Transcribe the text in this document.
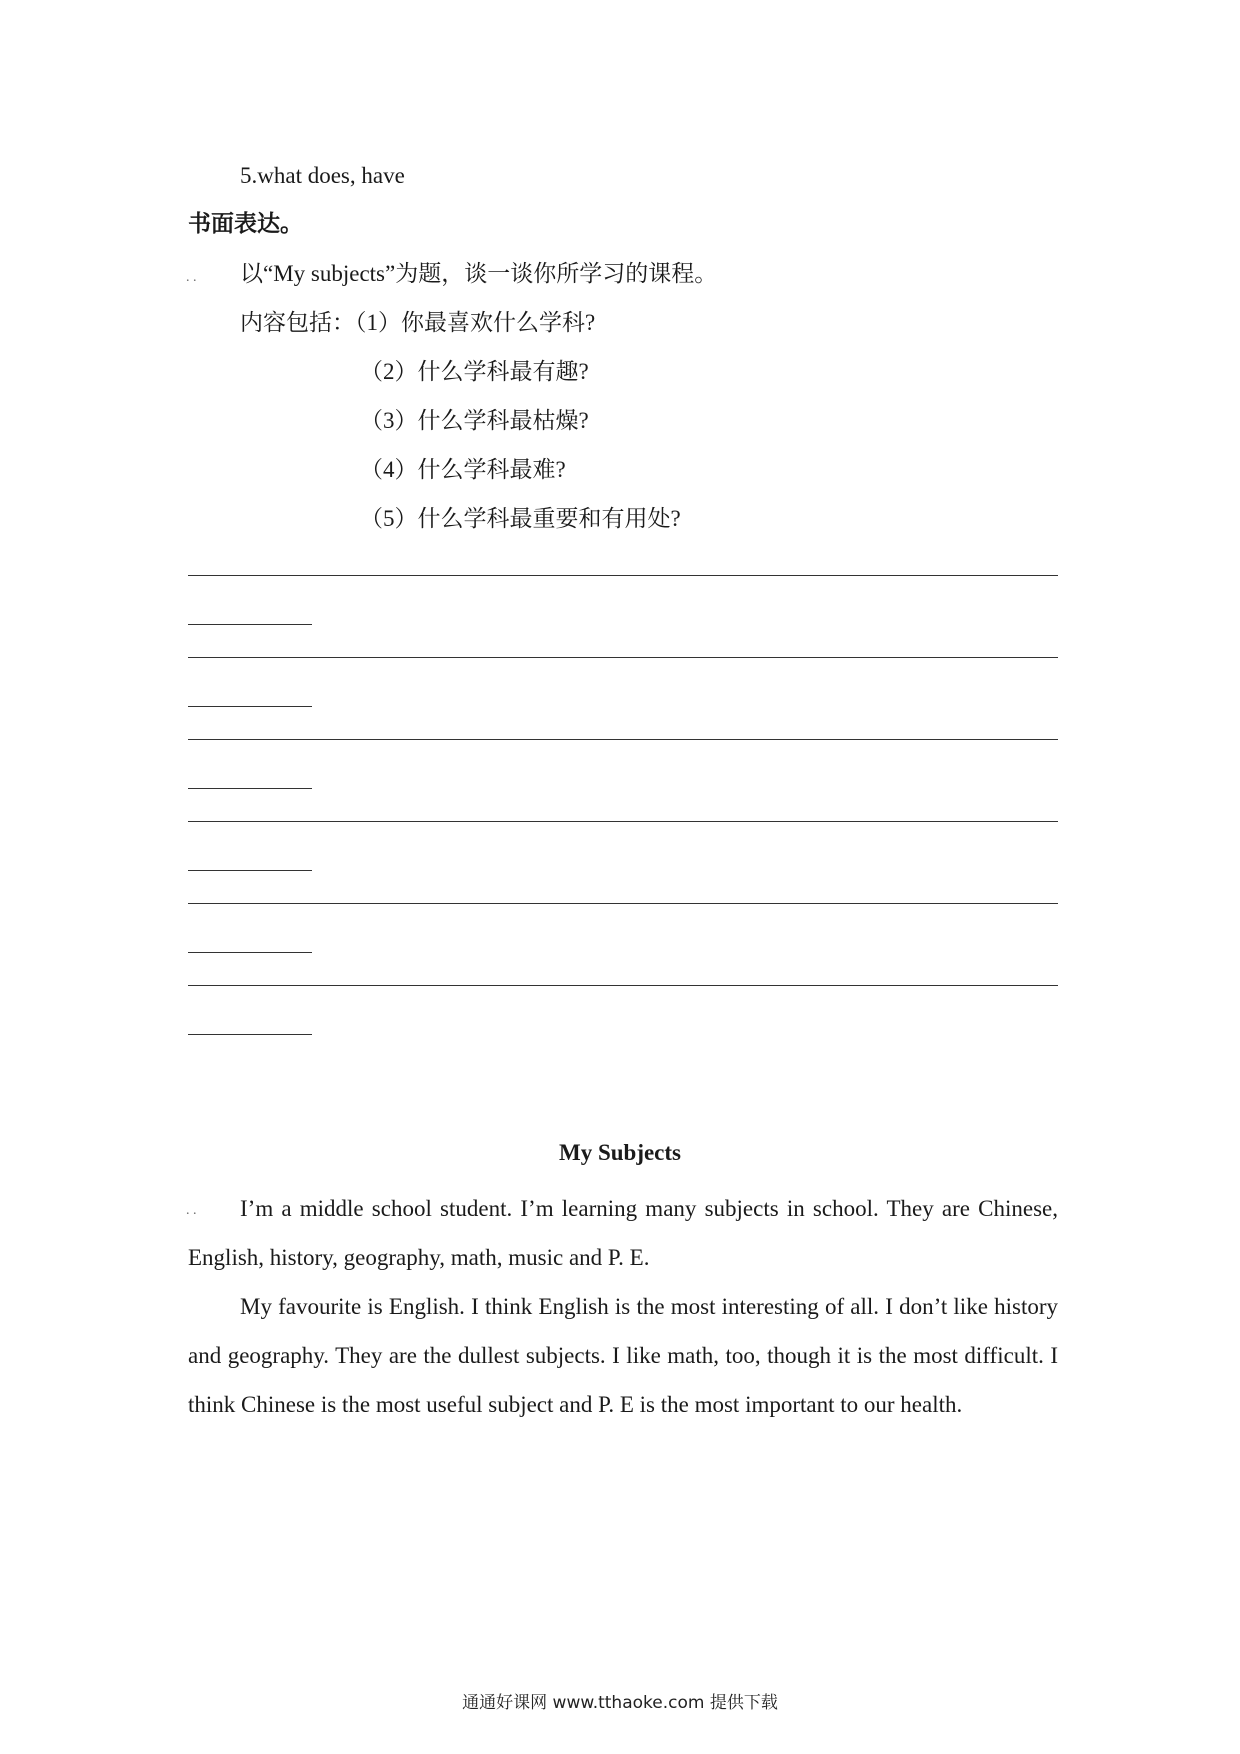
5.what does, have
书面表达。
. . 以“My subjects”为题，谈一谈你所学习的课程。
内容包括：（1）你最喜欢什么学科?
（2）什么学科最有趣?
（3）什么学科最枯燥?
（4）什么学科最难?
（5）什么学科最重要和有用处?
My Subjects
. .	I’m a middle school student. I’m learning many subjects in school. They are Chinese, English, history, geography, math, music and P. E.

My favourite is English. I think English is the most interesting of all. I don’t like history and geography. They are the dullest subjects. I like math, too, though it is the most difficult. I think Chinese is the most useful subject and P. E is the most important to our health.

通通好课网 www.tthaoke.com 提供下载
